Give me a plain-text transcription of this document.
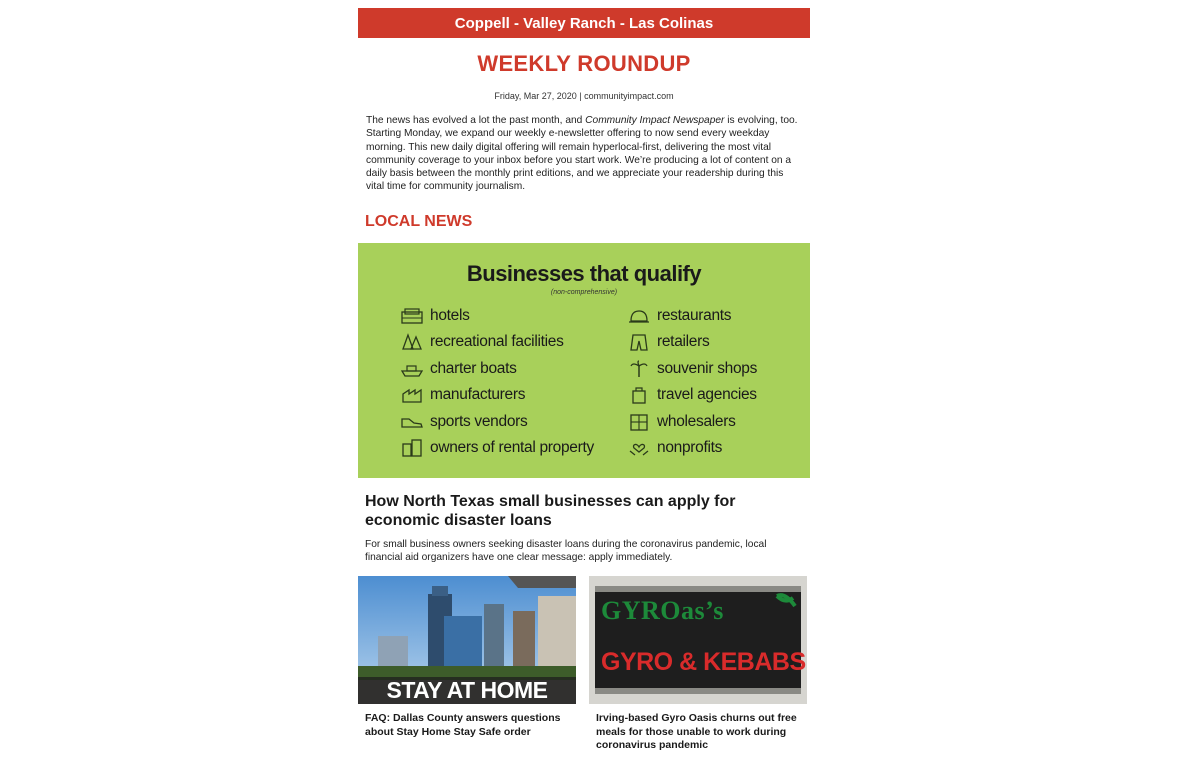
Coppell - Valley Ranch - Las Colinas
WEEKLY ROUNDUP
Friday, Mar 27, 2020 | communityimpact.com
The news has evolved a lot the past month, and Community Impact Newspaper is evolving, too. Starting Monday, we expand our weekly e-newsletter offering to now send every weekday morning. This new daily digital offering will remain hyperlocal-first, delivering the most vital community coverage to your inbox before you start work. We’re producing a lot of content on a daily basis between the monthly print editions, and we appreciate your readership during this vital time for community journalism.
LOCAL NEWS
Businesses that qualify
(non-comprehensive)
hotels
recreational facilities
charter boats
manufacturers
sports vendors
owners of rental property
restaurants
retailers
souvenir shops
travel agencies
wholesalers
nonprofits
How North Texas small businesses can apply for economic disaster loans
For small business owners seeking disaster loans during the coronavirus pandemic, local financial aid organizers have one clear message: apply immediately.
STAY AT HOME
FAQ: Dallas County answers questions about Stay Home Stay Safe order
GYROas’s
GYRO & KEBABS
Irving-based Gyro Oasis churns out free meals for those unable to work during coronavirus pandemic
